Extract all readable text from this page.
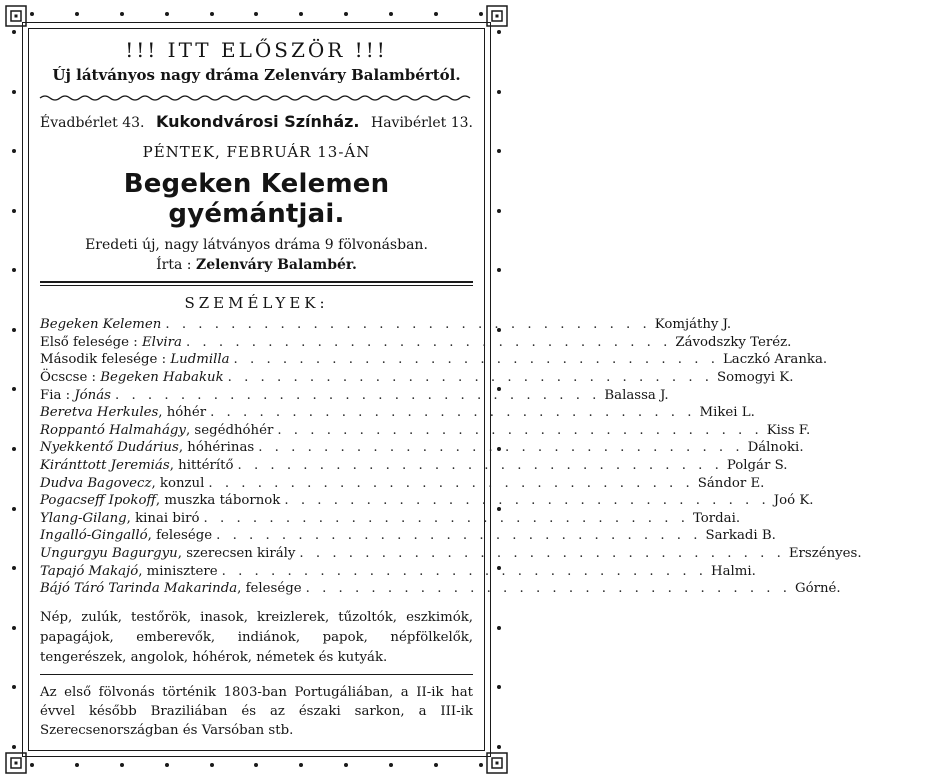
!!! ITT ELŐSZÖR !!!
Új látványos nagy dráma Zelenváry Balambértól.
Évadbérlet 43. Kukondvárosi Színház. Havibérlet 13.
PÉNTEK, FEBRUÁR 13-ÁN
Begeken Kelemen gyémántjai.
Eredeti új, nagy látványos dráma 9 fölvonásban.
Írta : Zelenváry Balambér.
SZEMÉLYEK:
Begeken Kelemen . . . . . . . . . . . . . . . . . . . . . . . . . . . . . . Komjáthy J.
Első felesége : Elvira . . . . . . . . . . . . . . . . . . . . . . . . . . . . . . Závodszky Teréz.
Második felesége : Ludmilla . . . . . . . . . . . . . . . . . . . . . . . . . . . . . . Laczkó Aranka.
Öcscse : Begeken Habakuk . . . . . . . . . . . . . . . . . . . . . . . . . . . . . . Somogyi K.
Fia : Jónás . . . . . . . . . . . . . . . . . . . . . . . . . . . . . . Balassa J.
Beretva Herkules, hóhér . . . . . . . . . . . . . . . . . . . . . . . . . . . . . . Mikei L.
Roppantó Halmahágy, segédhóhér . . . . . . . . . . . . . . . . . . . . . . . . . . . . . . Kiss F.
Nyekkentő Dudárius, hóhérinas . . . . . . . . . . . . . . . . . . . . . . . . . . . . . . Dálnoki.
Kiránttott Jeremiás, hittérítő . . . . . . . . . . . . . . . . . . . . . . . . . . . . . . Polgár S.
Dudva Bagovecz, konzul . . . . . . . . . . . . . . . . . . . . . . . . . . . . . . Sándor E.
Pogacseff Ipokoff, muszka tábornok . . . . . . . . . . . . . . . . . . . . . . . . . . . . . . Joó K.
Ylang-Gilang, kinai biró . . . . . . . . . . . . . . . . . . . . . . . . . . . . . . Tordai.
Ingalló-Gingalló, felesége . . . . . . . . . . . . . . . . . . . . . . . . . . . . . . Sarkadi B.
Ungurgyu Bagurgyu, szerecsen király . . . . . . . . . . . . . . . . . . . . . . . . . . . . . . Erszényes.
Tapajó Makajó, minisztere . . . . . . . . . . . . . . . . . . . . . . . . . . . . . . Halmi.
Bájó Táró Tarinda Makarinda, felesége . . . . . . . . . . . . . . . . . . . . . . . . . . . . . . Górné.
Nép, zulúk, testőrök, inasok, kreizlerek, tűzoltók, eszkimók, papagájok, emberevők, indiánok, papok, népfölkelők, tengerészek, angolok, hóhérok, németek és kutyák.
Az első fölvonás történik 1803-ban Portugáliában, a II-ik hat évvel később Braziliában és az északi sarkon, a III-ik Szerecsenországban és Varsóban stb.
